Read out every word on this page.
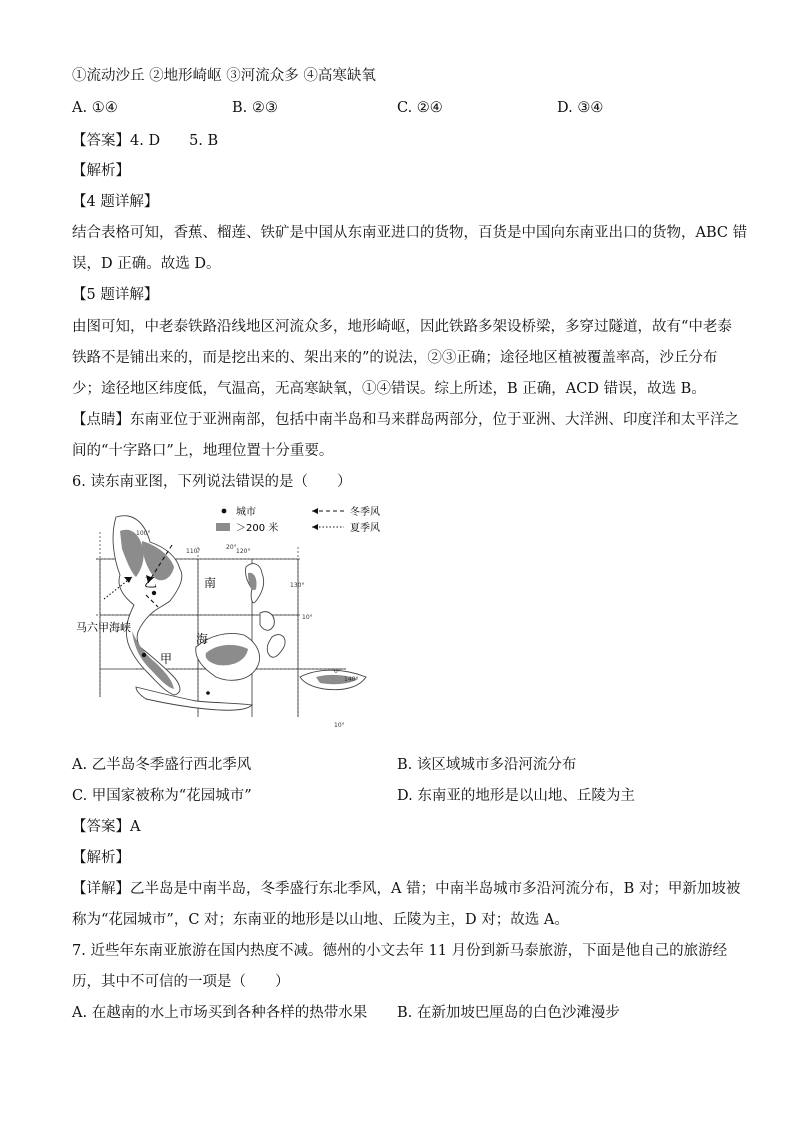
①流动沙丘 ②地形崎岖 ③河流众多 ④高寒缺氧
A. ①④	B. ②③	C. ②④	D. ③④
【答案】4. D　　5. B
【解析】
【4 题详解】
结合表格可知，香蕉、榴莲、铁矿是中国从东南亚进口的货物，百货是中国向东南亚出口的货物，ABC 错
误，D 正确。故选 D。
【5 题详解】
由图可知，中老泰铁路沿线地区河流众多，地形崎岖，因此铁路多架设桥梁，多穿过隧道，故有“中老泰
铁路不是铺出来的，而是挖出来的、架出来的”的说法，②③正确；途径地区植被覆盖率高，沙丘分布
少；途径地区纬度低，气温高，无高寒缺氧，①④错误。综上所述，B 正确，ACD 错误，故选 B。
【点睛】东南亚位于亚洲南部，包括中南半岛和马来群岛两部分，位于亚洲、大洋洲、印度洋和太平洋之
间的“十字路口”上，地理位置十分重要。
6. 读东南亚图，下列说法错误的是（　　）
城市
＞200 米
冬季风
夏季风
乙
甲
南
海
马六甲海峡
100°
110°	120°
130°
140°
20°
10°
0°
10°
A. 乙半岛冬季盛行西北季风	B. 该区域城市多沿河流分布
C. 甲国家被称为“花园城市”	D. 东南亚的地形是以山地、丘陵为主
【答案】A
【解析】
【详解】乙半岛是中南半岛，冬季盛行东北季风，A 错；中南半岛城市多沿河流分布，B 对；甲新加坡被
称为“花园城市”，C 对；东南亚的地形是以山地、丘陵为主，D 对；故选 A。
7. 近些年东南亚旅游在国内热度不减。德州的小文去年 11 月份到新马泰旅游，下面是他自己的旅游经
历，其中不可信的一项是（　　）
A. 在越南的水上市场买到各种各样的热带水果 B. 在新加坡巴厘岛的白色沙滩漫步
